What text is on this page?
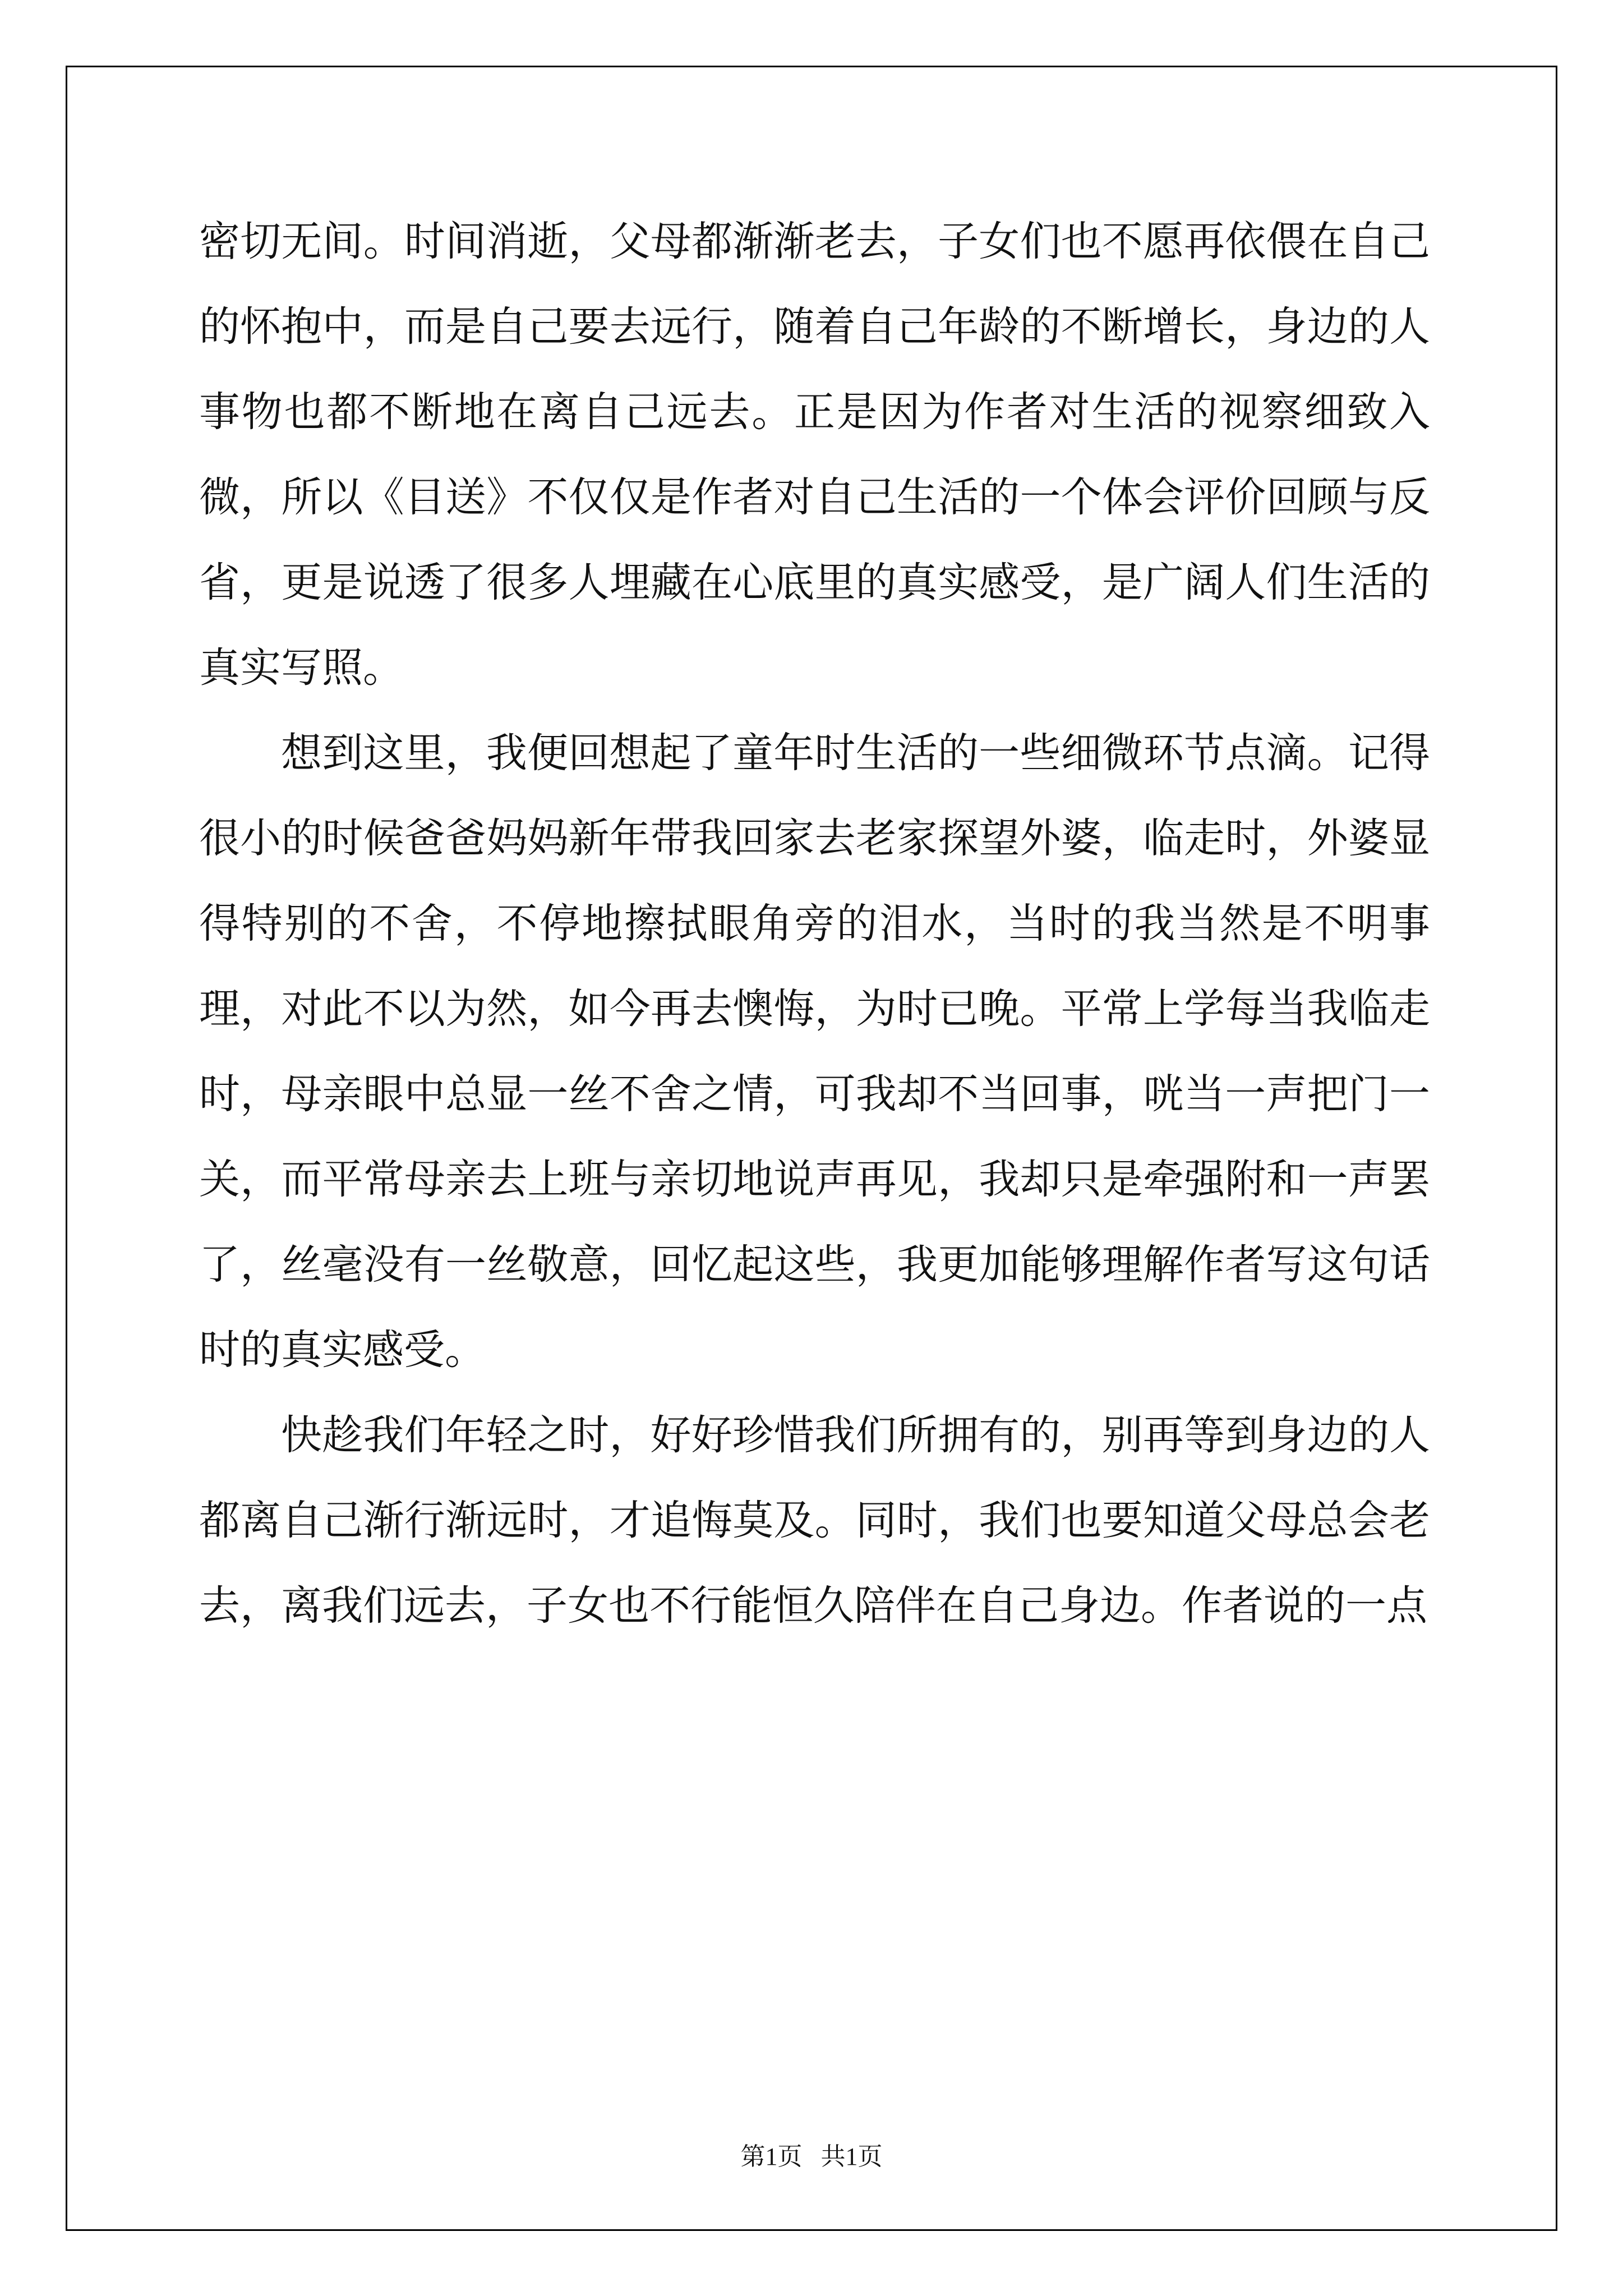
密切无间。时间消逝，父母都渐渐老去，子女们也不愿再依偎在自己的怀抱中，而是自己要去远行，随着自己年龄的不断增长，身边的人事物也都不断地在离自己远去。正是因为作者对生活的视察细致入微，所以《目送》不仅仅是作者对自己生活的一个体会评价回顾与反省，更是说透了很多人埋藏在心底里的真实感受，是广阔人们生活的真实写照。

想到这里，我便回想起了童年时生活的一些细微环节点滴。记得很小的时候爸爸妈妈新年带我回家去老家探望外婆，临走时，外婆显得特别的不舍，不停地擦拭眼角旁的泪水，当时的我当然是不明事理，对此不以为然，如今再去懊悔，为时已晚。平常上学每当我临走时，母亲眼中总显一丝不舍之情，可我却不当回事，咣当一声把门一关，而平常母亲去上班与亲切地说声再见，我却只是牵强附和一声罢了，丝毫没有一丝敬意，回忆起这些，我更加能够理解作者写这句话时的真实感受。

快趁我们年轻之时，好好珍惜我们所拥有的，别再等到身边的人都离自己渐行渐远时，才追悔莫及。同时，我们也要知道父母总会老去，离我们远去，子女也不行能恒久陪伴在自己身边。作者说的一点

第1页   共1页
